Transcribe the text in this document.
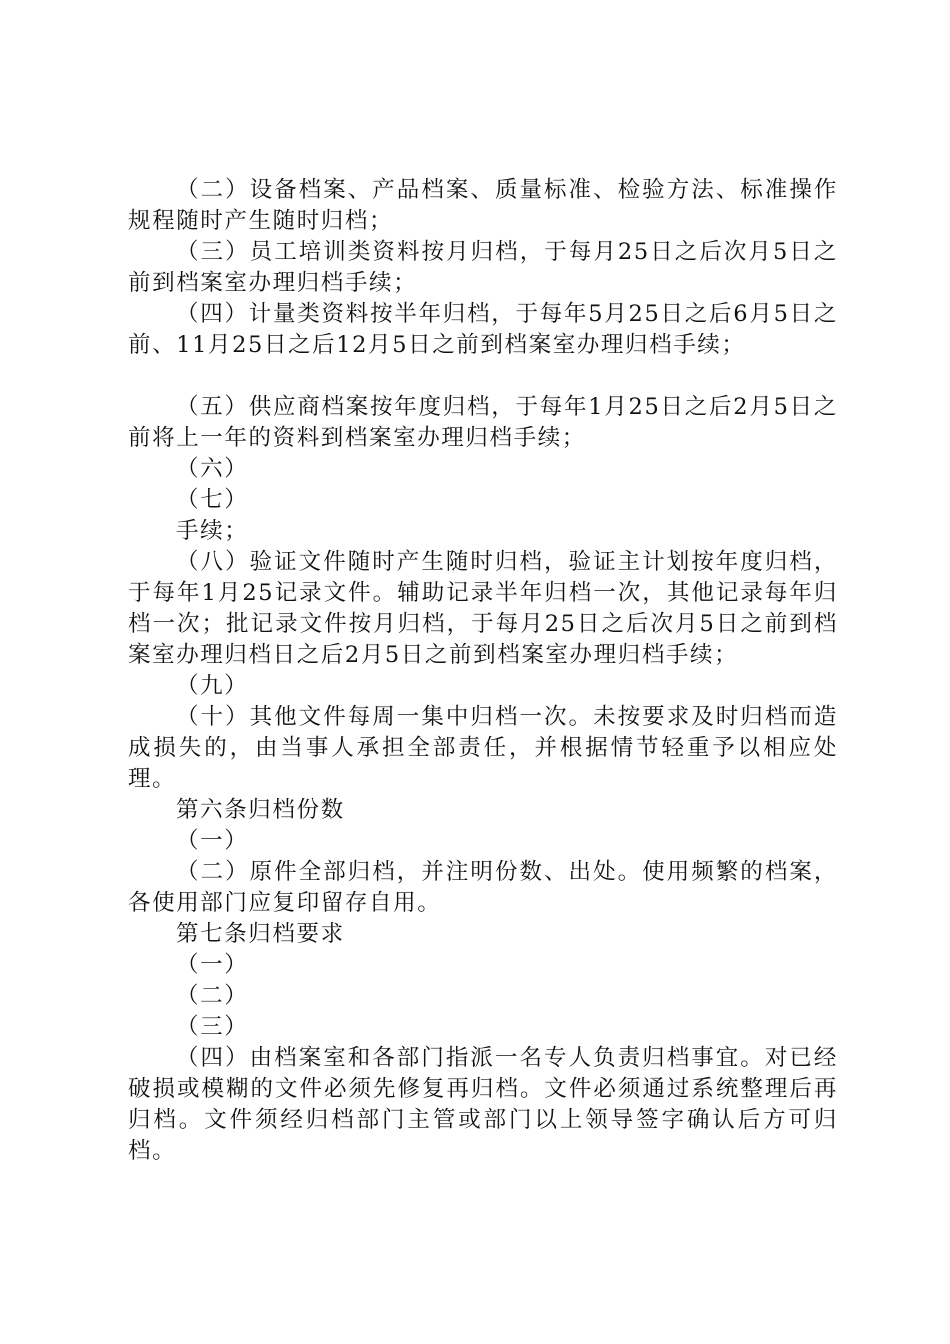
（二）设备档案、产品档案、质量标准、检验方法、标准操作规程随时产生随时归档；

（三）员工培训类资料按月归档，于每月25日之后次月5日之前到档案室办理归档手续；

（四）计量类资料按半年归档，于每年5月25日之后6月5日之前、11月25日之后12月5日之前到档案室办理归档手续；

（五）供应商档案按年度归档，于每年1月25日之后2月5日之前将上一年的资料到档案室办理归档手续；

（六）

（七）

手续；

（八）验证文件随时产生随时归档，验证主计划按年度归档，于每年1月25记录文件。辅助记录半年归档一次，其他记录每年归档一次；批记录文件按月归档，于每月25日之后次月5日之前到档案室办理归档日之后2月5日之前到档案室办理归档手续；

（九）

（十）其他文件每周一集中归档一次。未按要求及时归档而造成损失的，由当事人承担全部责任，并根据情节轻重予以相应处理。

第六条归档份数

（一）

（二）原件全部归档，并注明份数、出处。使用频繁的档案，各使用部门应复印留存自用。

第七条归档要求

（一）

（二）

（三）

（四）由档案室和各部门指派一名专人负责归档事宜。对已经破损或模糊的文件必须先修复再归档。文件必须通过系统整理后再归档。文件须经归档部门主管或部门以上领导签字确认后方可归档。
